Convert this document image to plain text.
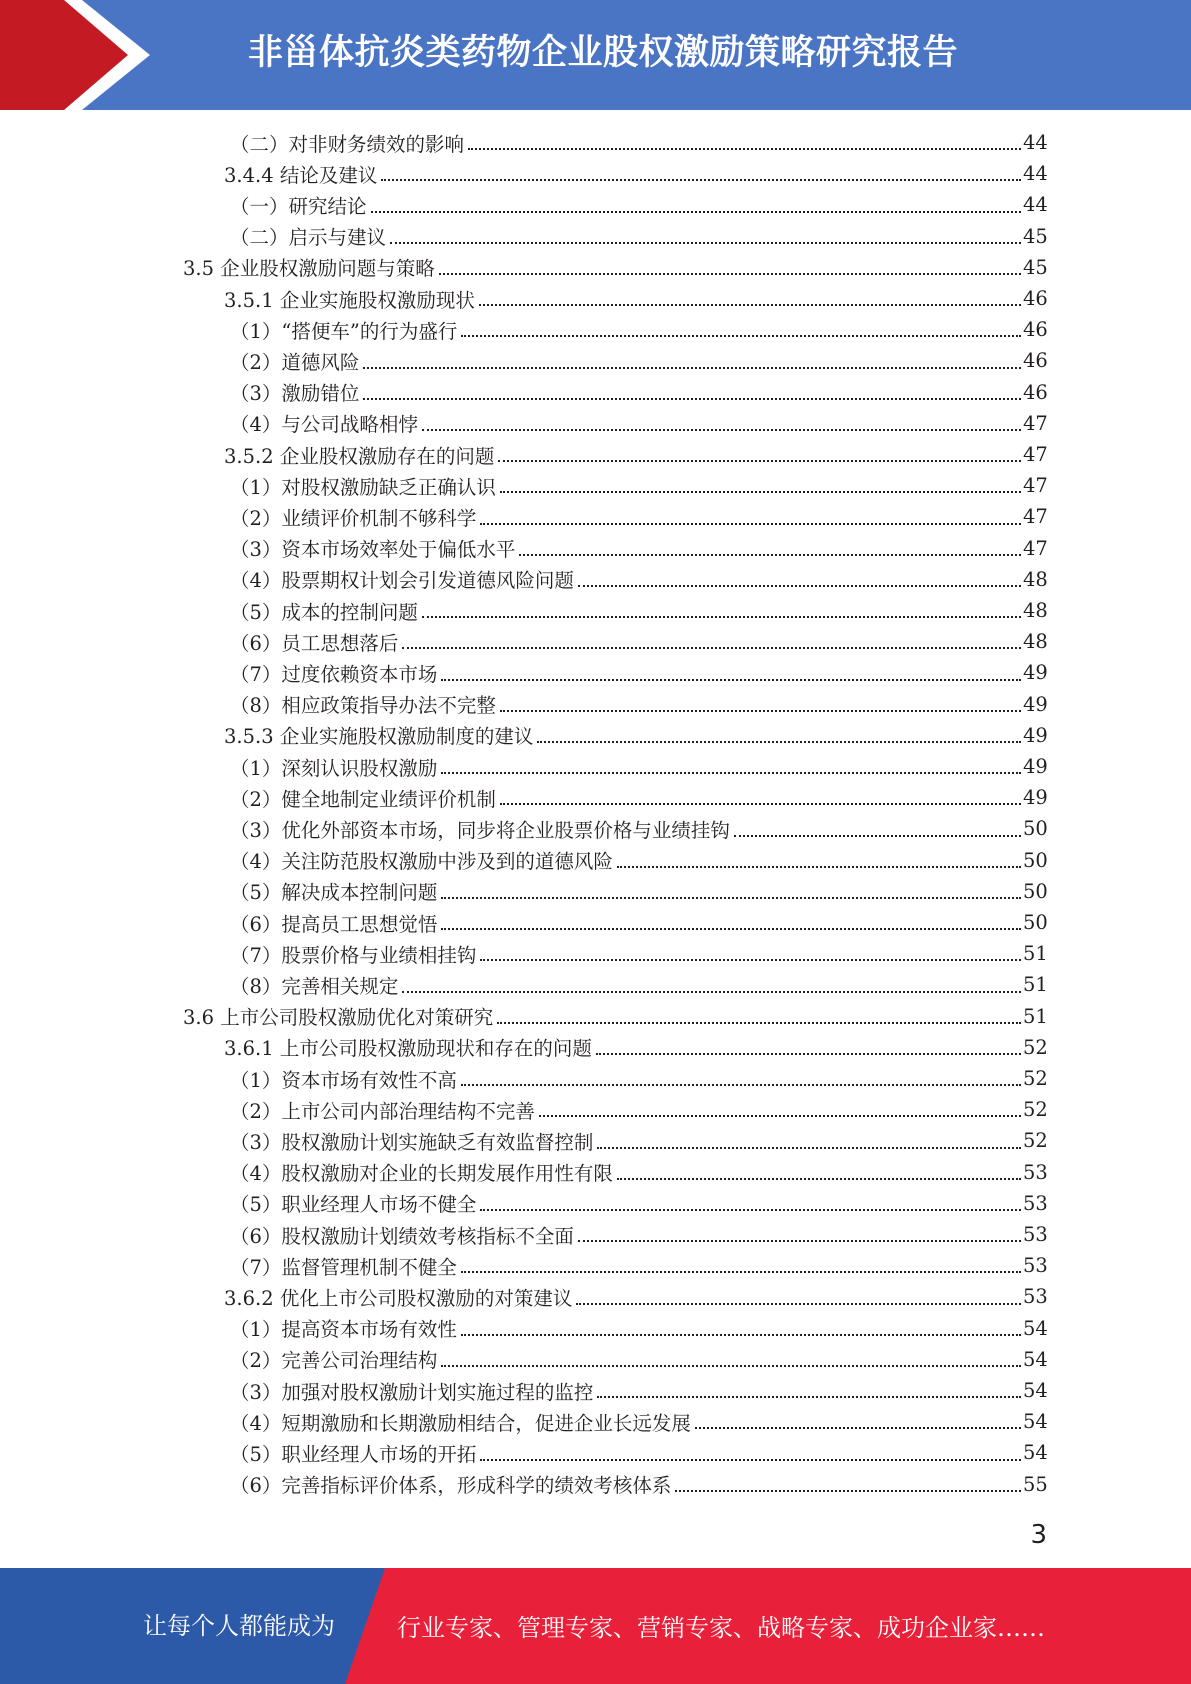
非甾体抗炎类药物企业股权激励策略研究报告
（二）对非财务绩效的影响	44
3.4.4 结论及建议	44
（一）研究结论	44
（二）启示与建议	45
3.5 企业股权激励问题与策略	45
3.5.1 企业实施股权激励现状	46
（1）“搭便车”的行为盛行	46
（2）道德风险	46
（3）激励错位	46
（4）与公司战略相悖	47
3.5.2 企业股权激励存在的问题	47
（1）对股权激励缺乏正确认识	47
（2）业绩评价机制不够科学	47
（3）资本市场效率处于偏低水平	47
（4）股票期权计划会引发道德风险问题	48
（5）成本的控制问题	48
（6）员工思想落后	48
（7）过度依赖资本市场	49
（8）相应政策指导办法不完整	49
3.5.3 企业实施股权激励制度的建议	49
（1）深刻认识股权激励	49
（2）健全地制定业绩评价机制	49
（3）优化外部资本市场，同步将企业股票价格与业绩挂钩	50
（4）关注防范股权激励中涉及到的道德风险	50
（5）解决成本控制问题	50
（6）提高员工思想觉悟	50
（7）股票价格与业绩相挂钩	51
（8）完善相关规定	51
3.6 上市公司股权激励优化对策研究	51
3.6.1 上市公司股权激励现状和存在的问题	52
（1）资本市场有效性不高	52
（2）上市公司内部治理结构不完善	52
（3）股权激励计划实施缺乏有效监督控制	52
（4）股权激励对企业的长期发展作用性有限	53
（5）职业经理人市场不健全	53
（6）股权激励计划绩效考核指标不全面	53
（7）监督管理机制不健全	53
3.6.2 优化上市公司股权激励的对策建议	53
（1）提高资本市场有效性	54
（2）完善公司治理结构	54
（3）加强对股权激励计划实施过程的监控	54
（4）短期激励和长期激励相结合，促进企业长远发展	54
（5）职业经理人市场的开拓	54
（6）完善指标评价体系，形成科学的绩效考核体系	55
3
让每个人都能成为	行业专家、管理专家、营销专家、战略专家、成功企业家……
